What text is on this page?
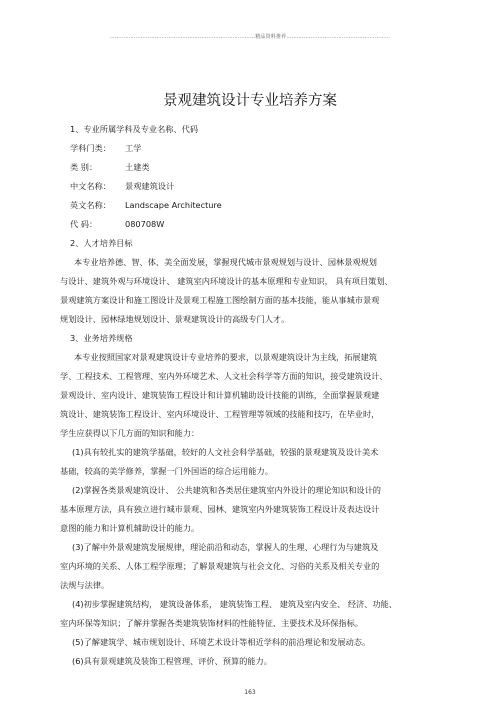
…………………………………………………………………………精品资料推荐……………………………………………………
景观建筑设计专业培养方案
1、专业所属学科及专业名称、代码
学科门类：	工学
类 别：	土建类
中文名称：	景观建筑设计
英文名称：	Landscape Architecture
代 码：	080708W
2、人才培养目标
本专业培养德、智、体、美全面发展，掌握现代城市景观规划与设计、园林景观规划
与设计、建筑外观与环境设计、 建筑室内环境设计的基本原理和专业知识， 具有项目策划、
景观建筑方案设计和施工图设计及景观工程施工图绘制方面的基本技能，能从事城市景观
规划设计、园林绿地规划设计、景观建筑设计的高级专门人才。
3、业务培养规格
本专业按照国家对景观建筑设计专业培养的要求，以景观建筑设计为主线，拓展建筑
学、工程技术、工程管理、室内外环境艺术、人文社会科学等方面的知识，接受建筑设计、
景观设计、室内设计、建筑装饰工程设计和计算机辅助设计技能的训练，全面掌握景观建
筑设计、建筑装饰工程设计、室内环境设计、工程管理等领域的技能和技巧，在毕业时，
学生应获得以下几方面的知识和能力：
(1)具有较扎实的建筑学基础，较好的人文社会科学基础，较强的景观建筑及设计美术
基础，较高的美学修养，掌握一门外国语的综合运用能力。
(2)掌握各类景观建筑设计、 公共建筑和各类居住建筑室内外设计的理论知识和设计的
基本原理方法，具有独立进行城市景观、园林、建筑室内外建筑装饰工程设计及表达设计
意图的能力和计算机辅助设计的能力。
(3)了解中外景观建筑发展规律，理论前沿和动态，掌握人的生理、心理行为与建筑及
室内环境的关系、人体工程学原理；了解景观建筑与社会文化、习俗的关系及相关专业的
法规与法律。
(4)初步掌握建筑结构， 建筑设备体系， 建筑装饰工程、 建筑及室内安全、 经济、功能、
室内环保等知识；了解并掌握各类建筑装饰材料的性能特征、主要技术及环保指标。
(5)了解建筑学、城市规划设计、环境艺术设计等相近学科的前沿理论和发展动态。
(6)具有景观建筑及装饰工程管理、评价、预算的能力。
163
